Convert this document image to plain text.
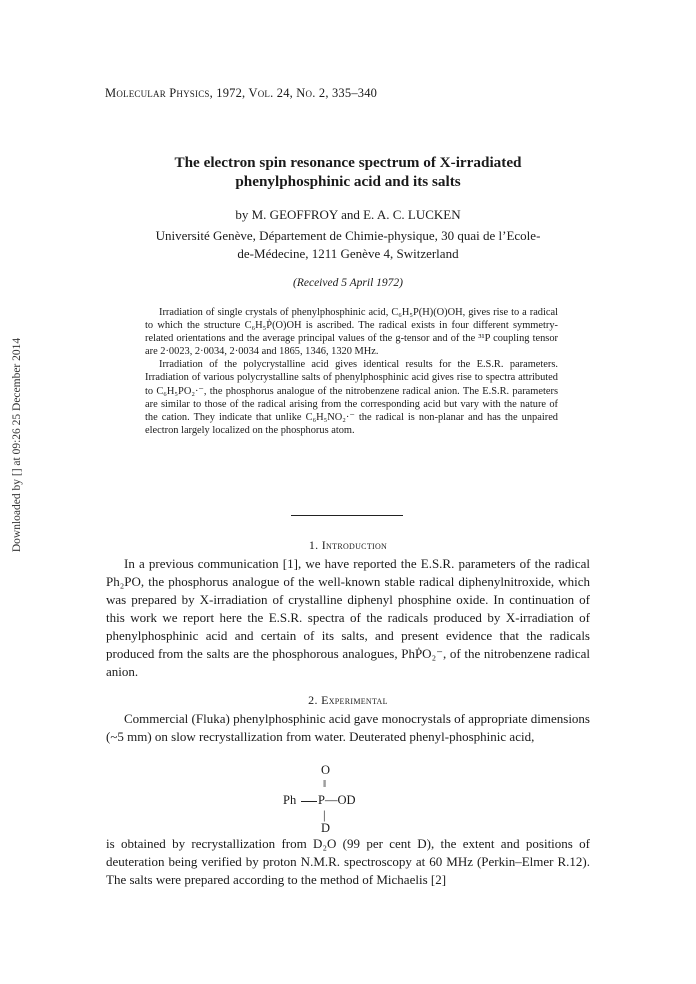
Downloaded by [] at 09:26 25 December 2014
Molecular Physics, 1972, Vol. 24, No. 2, 335–340
The electron spin resonance spectrum of X-irradiated
phenylphosphinic acid and its salts
by M. GEOFFROY and E. A. C. LUCKEN
Université Genève, Département de Chimie-physique, 30 quai de l’Ecole-
de-Médecine, 1211 Genève 4, Switzerland
(Received 5 April 1972)

Irradiation of single crystals of phenylphosphinic acid, C₆H₅P(H)(O)OH, gives rise to a radical to which the structure C₆H₅Ṗ(O)OH is ascribed. The radical exists in four different symmetry-related orientations and the average principal values of the g-tensor and of the ³¹P coupling tensor are 2·0023, 2·0034, 2·0034 and 1865, 1346, 1320 MHz.

Irradiation of the polycrystalline acid gives identical results for the E.S.R. parameters. Irradiation of various polycrystalline salts of phenylphosphinic acid gives rise to spectra attributed to C₆H₅PO₂·⁻, the phosphorus analogue of the nitrobenzene radical anion. The E.S.R. parameters are similar to those of the radical arising from the corresponding acid but vary with the nature of the cation. They indicate that unlike C₆H₅NO₂·⁻ the radical is non-planar and has the unpaired electron largely localized on the phosphorus atom.

1. Introduction

In a previous communication [1], we have reported the E.S.R. parameters of the radical Ph₂PO, the phosphorus analogue of the well-known stable radical diphenylnitroxide, which was prepared by X-irradiation of crystalline diphenyl phosphine oxide. In continuation of this work we report here the E.S.R. spectra of the radicals produced by X-irradiation of phenylphosphinic acid and certain of its salts, and present evidence that the radicals produced from the salts are the phosphorous analogues, PhṖO₂⁻, of the nitrobenzene radical anion.

2. Experimental

Commercial (Fluka) phenylphosphinic acid gave monocrystals of appropriate dimensions (~5 mm) on slow recrystallization from water. Deuterated phenyl-phosphinic acid,

O
‖
Ph P—OD
|
D

is obtained by recrystallization from D₂O (99 per cent D), the extent and positions of deuteration being verified by proton N.M.R. spectroscopy at 60 MHz (Perkin–Elmer R.12). The salts were prepared according to the method of Michaelis [2]
